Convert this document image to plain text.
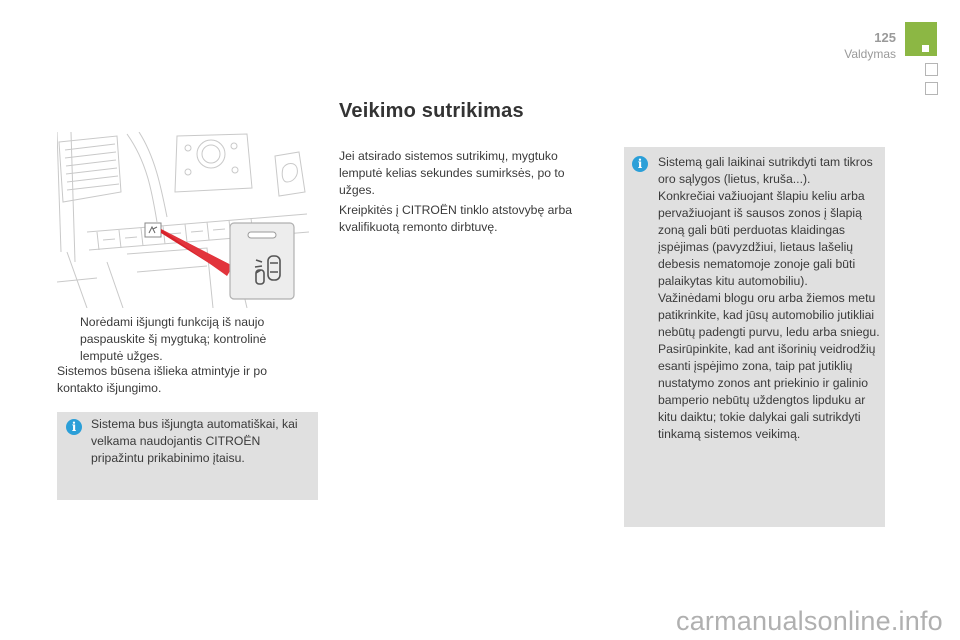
125
Valdymas
Veikimo sutrikimas

Norėdami išjungti funkciją iš naujo paspauskite šį mygtuką; kontrolinė lemputė užges.

Sistemos būsena išlieka atmintyje ir po kontakto išjungimo.
i	Sistema bus išjungta automatiškai, kai velkama naudojantis CITROËN pripažintu prikabinimo įtaisu.
Jei atsirado sistemos sutrikimų, mygtuko lemputė kelias sekundes sumirksės, po to užges.
Kreipkitės į CITROËN tinklo atstovybę arba kvalifikuotą remonto dirbtuvę.
i	Sistemą gali laikinai sutrikdyti tam tikros oro sąlygos (lietus, kruša...).

Konkrečiai važiuojant šlapiu keliu arba pervažiuojant iš sausos zonos į šlapią zoną gali būti perduotas klaidingas įspėjimas (pavyzdžiui, lietaus lašelių debesis nematomoje zonoje gali būti palaikytas kitu automobiliu).

Važinėdami blogu oru arba žiemos metu patikrinkite, kad jūsų automobilio jutikliai nebūtų padengti purvu, ledu arba sniegu.

Pasirūpinkite, kad ant išorinių veidrodžių esanti įspėjimo zona, taip pat jutiklių nustatymo zonos ant priekinio ir galinio bamperio nebūtų uždengtos lipduku ar kitu daiktu; tokie dalykai gali sutrikdyti tinkamą sistemos veikimą.

carmanualsonline.info
